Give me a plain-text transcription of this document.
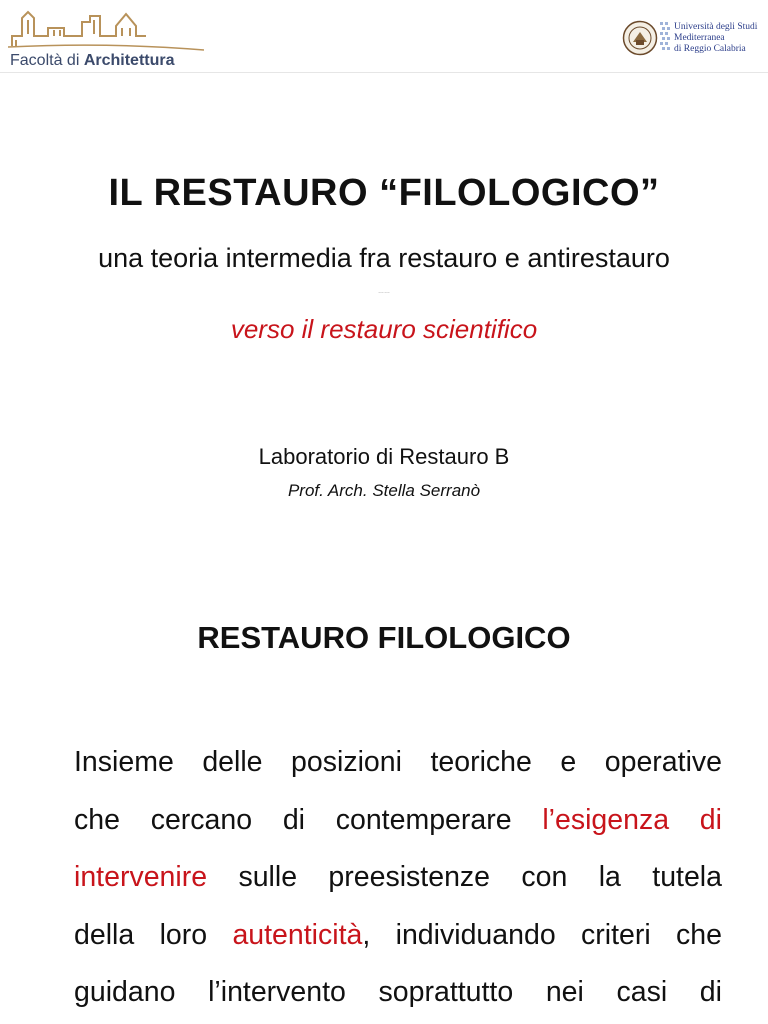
Facoltà di Architettura
Università degli Studi
Mediterranea
di Reggio Calabria
IL RESTAURO “FILOLOGICO”
una teoria intermedia fra restauro e antirestauro
……
verso il restauro scientifico
Laboratorio di Restauro B
Prof. Arch. Stella Serranò
RESTAURO FILOLOGICO
Insieme delle posizioni teoriche e operative
che cercano di contemperare l’esigenza di
intervenire sulle preesistenze con la tutela
della loro autenticità, individuando criteri che
guidano l’intervento soprattutto nei casi di
